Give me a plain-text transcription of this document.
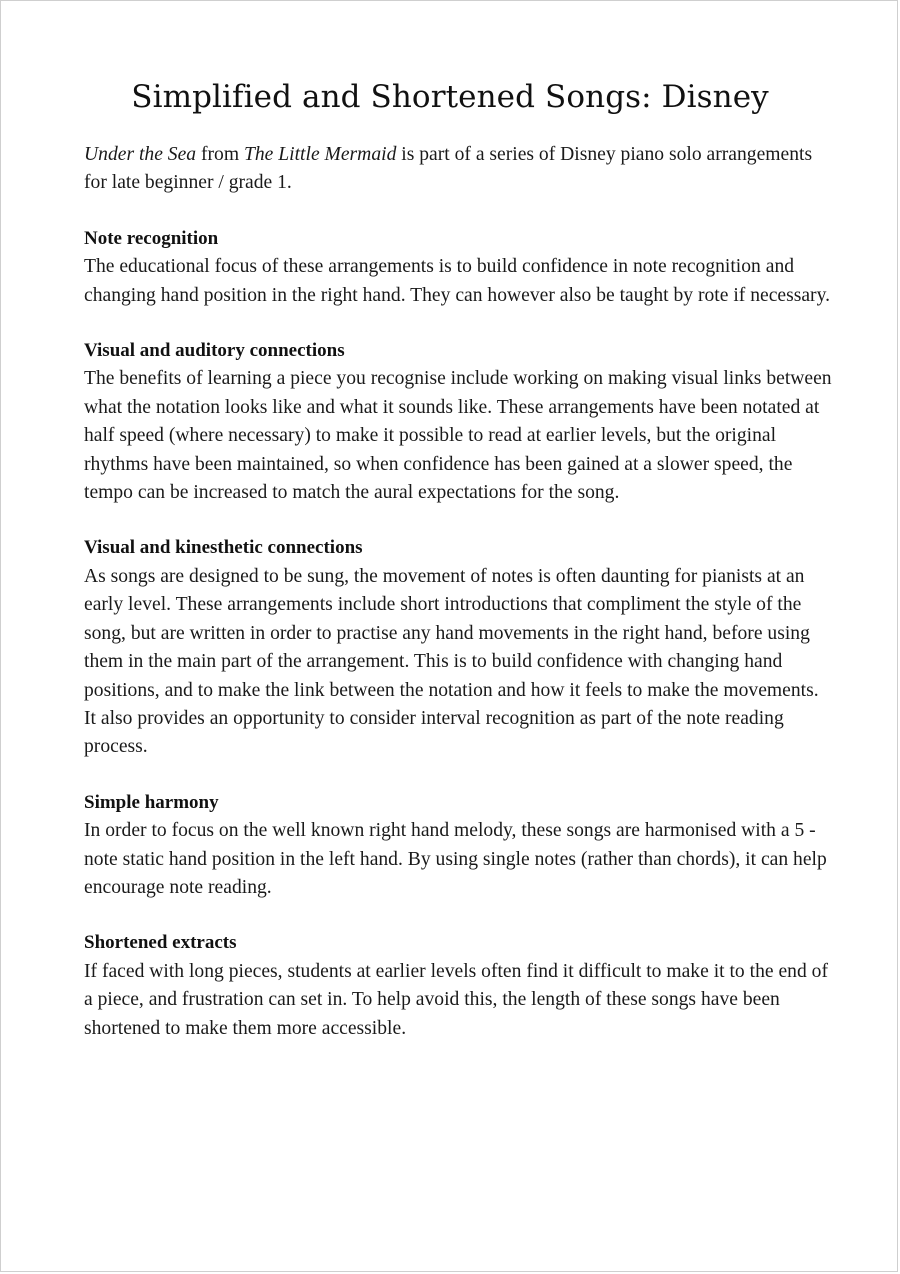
Simplified and Shortened Songs: Disney

Under the Sea from The Little Mermaid is part of a series of Disney piano solo arrangements for late beginner / grade 1.

Note recognition

The educational focus of these arrangements is to build confidence in note recognition and changing hand position in the right hand. They can however also be taught by rote if necessary.

Visual and auditory connections

The benefits of learning a piece you recognise include working on making visual links between what the notation looks like and what it sounds like. These arrangements have been notated at half speed (where necessary) to make it possible to read at earlier levels, but the original rhythms have been maintained, so when confidence has been gained at a slower speed, the tempo can be increased to match the aural expectations for the song.

Visual and kinesthetic connections

As songs are designed to be sung, the movement of notes is often daunting for pianists at an early level. These arrangements include short introductions that compliment the style of the song, but are written in order to practise any hand movements in the right hand, before using them in the main part of the arrangement. This is to build confidence with changing hand positions, and to make the link between the notation and how it feels to make the movements. It also provides an opportunity to consider interval recognition as part of the note reading process.

Simple harmony

In order to focus on the well known right hand melody, these songs are harmonised with a 5 - note static hand position in the left hand. By using single notes (rather than chords), it can help encourage note reading.

Shortened extracts

If faced with long pieces, students at earlier levels often find it difficult to make it to the end of a piece, and frustration can set in. To help avoid this, the length of these songs have been shortened to make them more accessible.
